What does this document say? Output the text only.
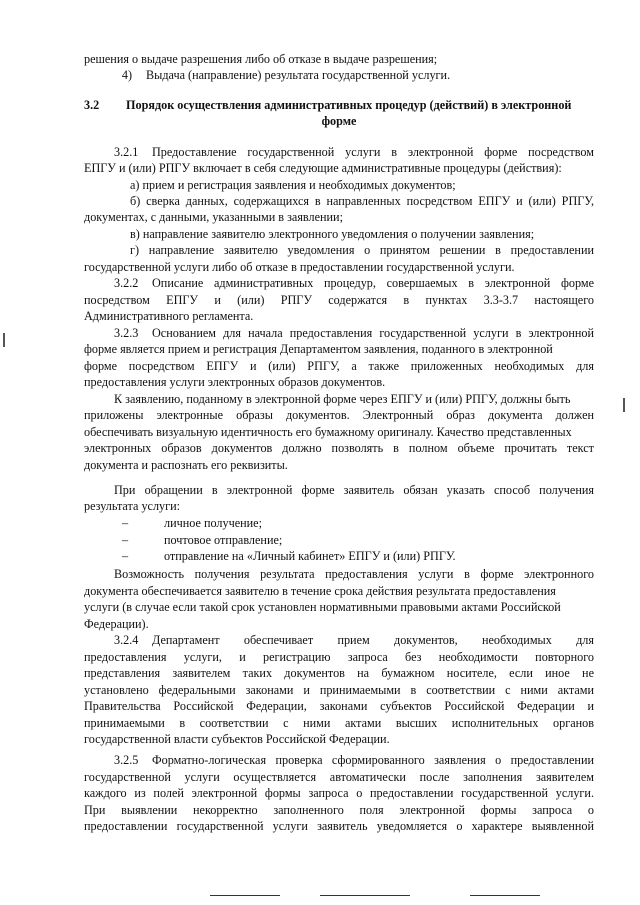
решения о выдаче разрешения либо об отказе в выдаче разрешения;
4) Выдача (направление) результата государственной услуги.
3.2 Порядок осуществления административных процедур (действий) в электронной
форме
3.2.1 Предоставление государственной услуги в электронной форме посредством
ЕПГУ и (или) РПГУ включает в себя следующие административные процедуры (действия):
а) прием и регистрация заявления и необходимых документов;
б) сверка данных, содержащихся в направленных посредством ЕПГУ и (или) РПГУ,
документах, с данными, указанными в заявлении;
в) направление заявителю электронного уведомления о получении заявления;
г) направление заявителю уведомления о принятом решении в предоставлении
государственной услуги либо об отказе в предоставлении государственной услуги.
3.2.2 Описание административных процедур, совершаемых в электронной форме
посредством ЕПГУ и (или) РПГУ содержатся в пунктах 3.3-3.7 настоящего
Административного регламента.
3.2.3 Основанием для начала предоставления государственной услуги в электронной
форме является прием и регистрация Департаментом заявления, поданного в электронной
форме посредством ЕПГУ и (или) РПГУ, а также приложенных необходимых для
предоставления услуги электронных образов документов.
К заявлению, поданному в электронной форме через ЕПГУ и (или) РПГУ, должны быть
приложены электронные образы документов. Электронный образ документа должен
обеспечивать визуальную идентичность его бумажному оригиналу. Качество представленных
электронных образов документов должно позволять в полном объеме прочитать текст
документа и распознать его реквизиты.
При обращении в электронной форме заявитель обязан указать способ получения
результата услуги:
–	личное получение;
–	почтовое отправление;
–	отправление на «Личный кабинет» ЕПГУ и (или) РПГУ.
Возможность получения результата предоставления услуги в форме электронного
документа обеспечивается заявителю в течение срока действия результата предоставления
услуги (в случае если такой срок установлен нормативными правовыми актами Российской
Федерации).
3.2.4 Департамент обеспечивает прием документов, необходимых для
предоставления услуги, и регистрацию запроса без необходимости повторного
представления заявителем таких документов на бумажном носителе, если иное не
установлено федеральными законами и принимаемыми в соответствии с ними актами
Правительства Российской Федерации, законами субъектов Российской Федерации и
принимаемыми в соответствии с ними актами высших исполнительных органов
государственной власти субъектов Российской Федерации.
3.2.5 Форматно-логическая проверка сформированного заявления о предоставлении
государственной услуги осуществляется автоматически после заполнения заявителем
каждого из полей электронной формы запроса о предоставлении государственной услуги.
При выявлении некорректно заполненного поля электронной формы запроса о
предоставлении государственной услуги заявитель уведомляется о характере выявленной
